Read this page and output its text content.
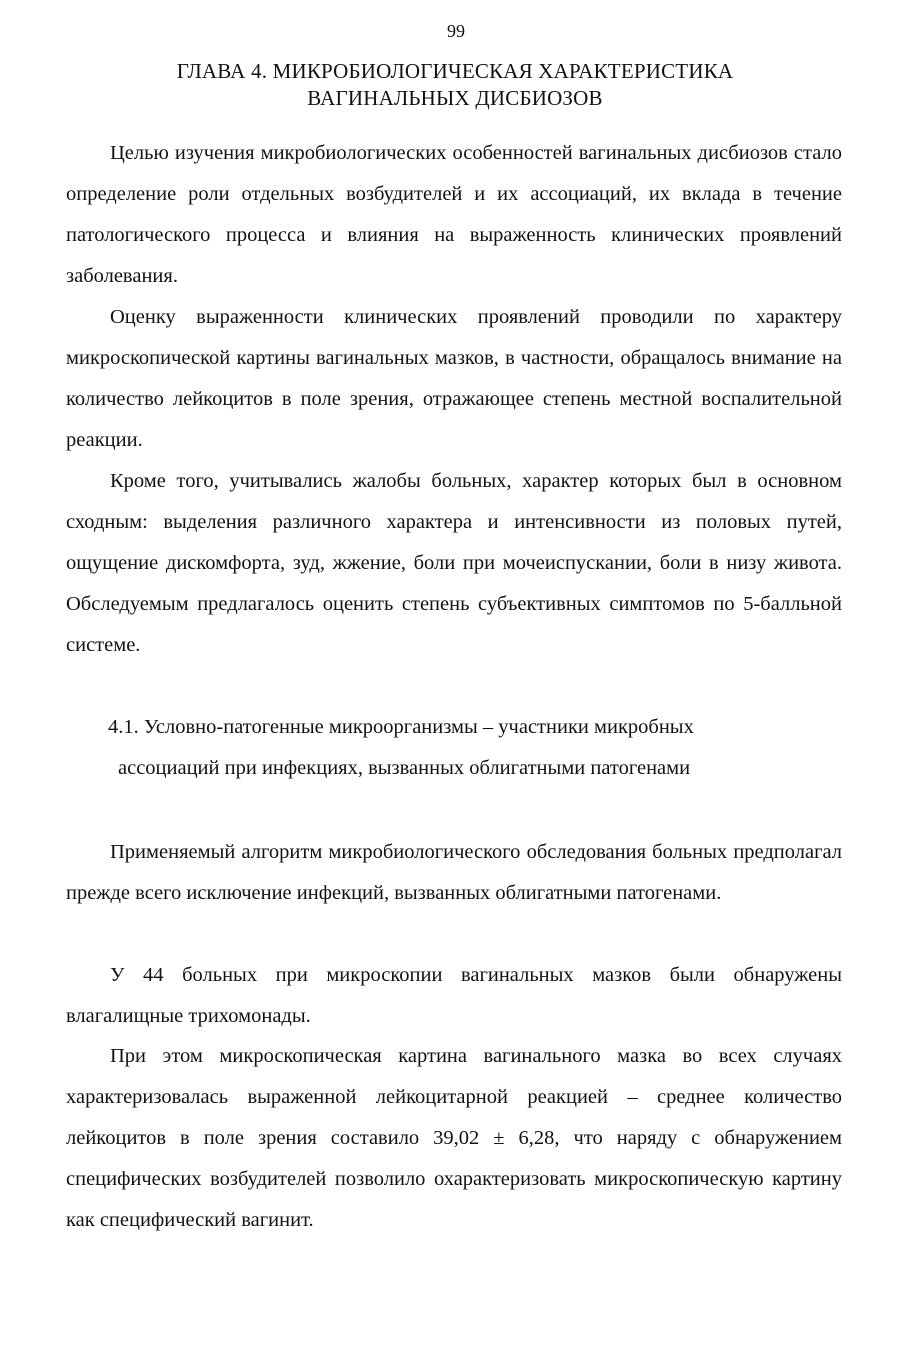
99
ГЛАВА 4. МИКРОБИОЛОГИЧЕСКАЯ ХАРАКТЕРИСТИКА
ВАГИНАЛЬНЫХ ДИСБИОЗОВ

Целью изучения микробиологических особенностей вагинальных дисбиозов стало определение роли отдельных возбудителей и их ассоциаций, их вклада в течение патологического процесса и влияния на выраженность клинических проявлений заболевания.

Оценку выраженности клинических проявлений проводили по характеру микроскопической картины вагинальных мазков, в частности, обращалось внимание на количество лейкоцитов в поле зрения, отражающее степень местной воспалительной реакции.

Кроме того, учитывались жалобы больных, характер которых был в основном сходным: выделения различного характера и интенсивности из половых путей, ощущение дискомфорта, зуд, жжение, боли при мочеиспускании, боли в низу живота. Обследуемым предлагалось оценить степень субъективных симптомов по 5-балльной системе.

4.1. Условно-патогенные микроорганизмы – участники микробных
ассоциаций при инфекциях, вызванных облигатными патогенами

Применяемый алгоритм микробиологического обследования больных предполагал прежде всего исключение инфекций, вызванных облигатными патогенами.

У 44 больных при микроскопии вагинальных мазков были обнаружены влагалищные трихомонады.

При этом микроскопическая картина вагинального мазка во всех случаях характеризовалась выраженной лейкоцитарной реакцией – среднее количество лейкоцитов в поле зрения составило 39,02 ± 6,28, что наряду с обнаружением специфических возбудителей позволило охарактеризовать микроскопическую картину как специфический вагинит.
